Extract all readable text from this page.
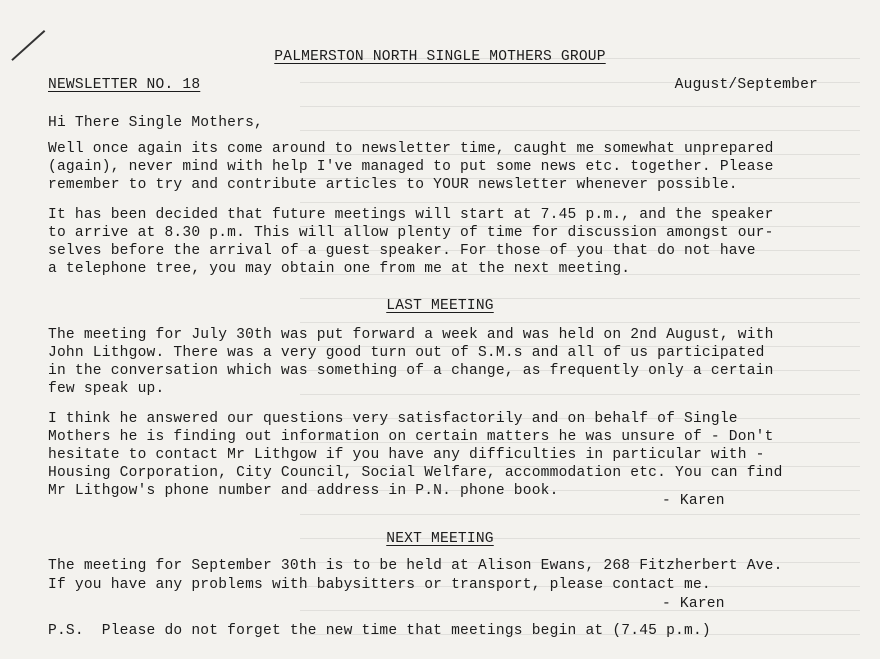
PALMERSTON NORTH SINGLE MOTHERS GROUP
NEWSLETTER NO. 18	August/September
Hi There Single Mothers,
Well once again its come around to newsletter time, caught me somewhat unprepared
(again), never mind with help I've managed to put some news etc. together. Please
remember to try and contribute articles to YOUR newsletter whenever possible.
It has been decided that future meetings will start at 7.45 p.m., and the speaker
to arrive at 8.30 p.m. This will allow plenty of time for discussion amongst our-
selves before the arrival of a guest speaker. For those of you that do not have
a telephone tree, you may obtain one from me at the next meeting.
LAST MEETING
The meeting for July 30th was put forward a week and was held on 2nd August, with
John Lithgow. There was a very good turn out of S.M.s and all of us participated
in the conversation which was something of a change, as frequently only a certain
few speak up.
I think he answered our questions very satisfactorily and on behalf of Single
Mothers he is finding out information on certain matters he was unsure of - Don't
hesitate to contact Mr Lithgow if you have any difficulties in particular with -
Housing Corporation, City Council, Social Welfare, accommodation etc. You can find
Mr Lithgow's phone number and address in P.N. phone book.
- Karen
NEXT MEETING
The meeting for September 30th is to be held at Alison Ewans, 268 Fitzherbert Ave.
If you have any problems with babysitters or transport, please contact me.
- Karen
P.S.  Please do not forget the new time that meetings begin at (7.45 p.m.)
